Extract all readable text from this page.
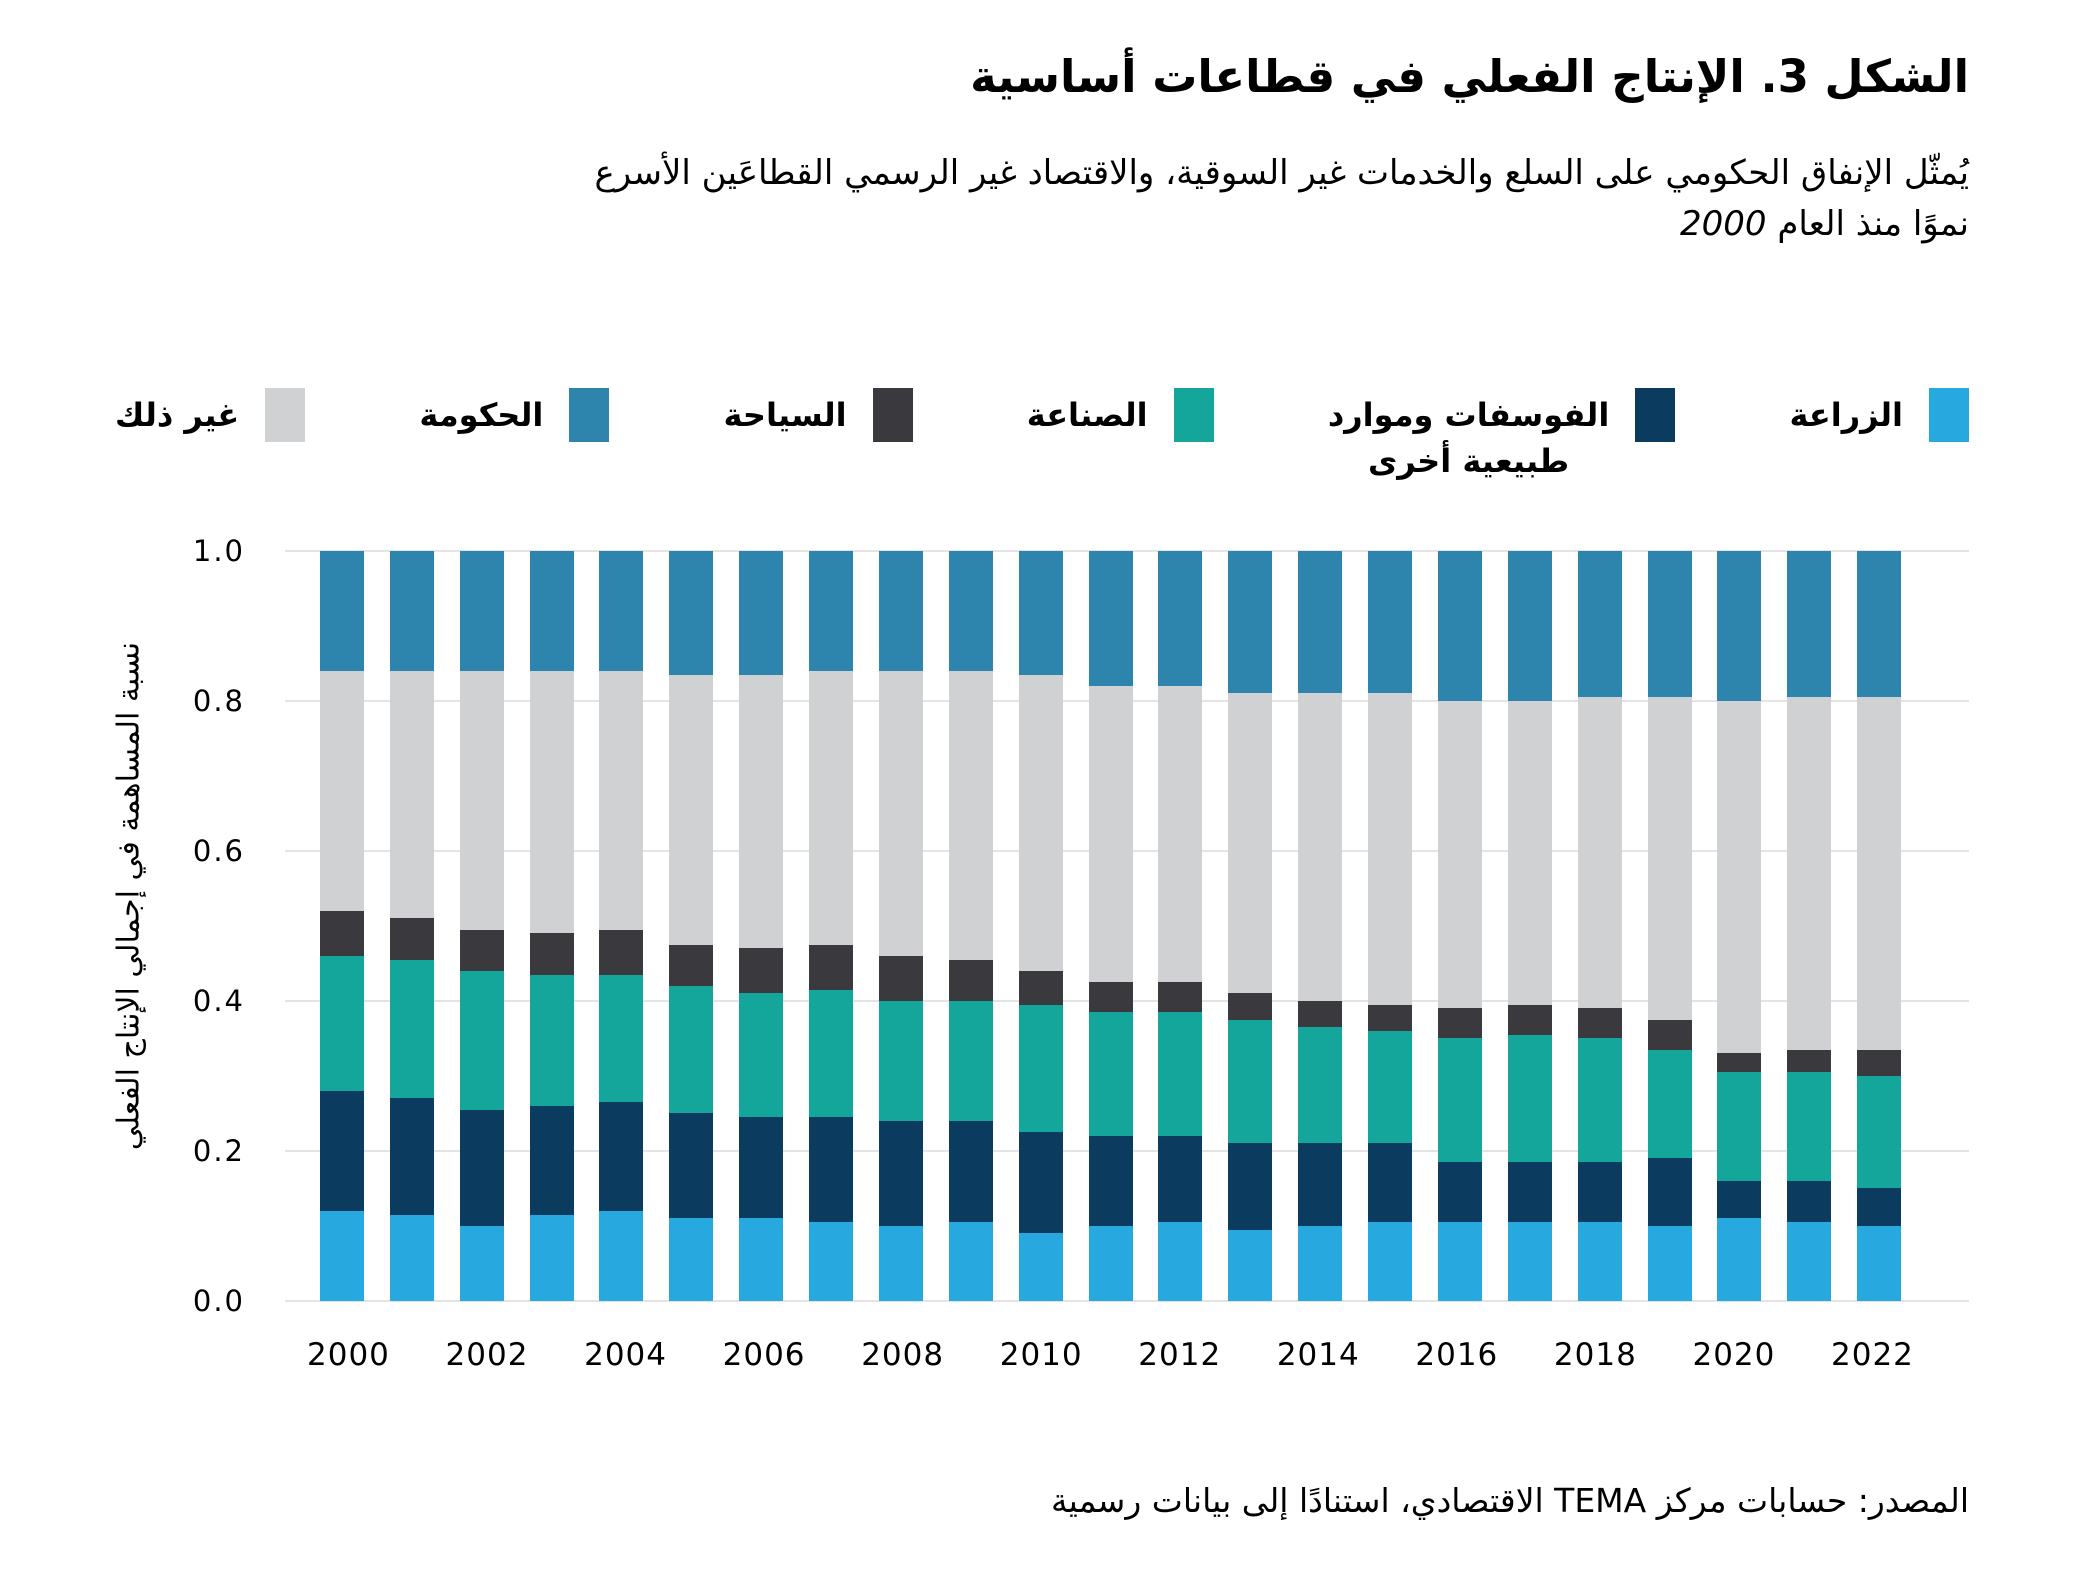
الشكل 3. الإنتاج الفعلي في قطاعات أساسية
يُمثّل الإنفاق الحكومي على السلع والخدمات غير السوقية، والاقتصاد غير الرسمي القطاعَين الأسرع
نموًا منذ العام 2000
الزراعة
الفوسفات وموارد
طبيعية أخرى
الصناعة
السياحة
الحكومة
غير ذلك
نسبة المساهمة في إجمالي الإنتاج الفعلي
1.0
0.8
0.6
0.4
0.2
0.0
2000 2002 2004 2006 2008 2010 2012 2014 2016 2018 2020 2022
المصدر: حسابات مركز TEMA الاقتصادي، استنادًا إلى بيانات رسمية
